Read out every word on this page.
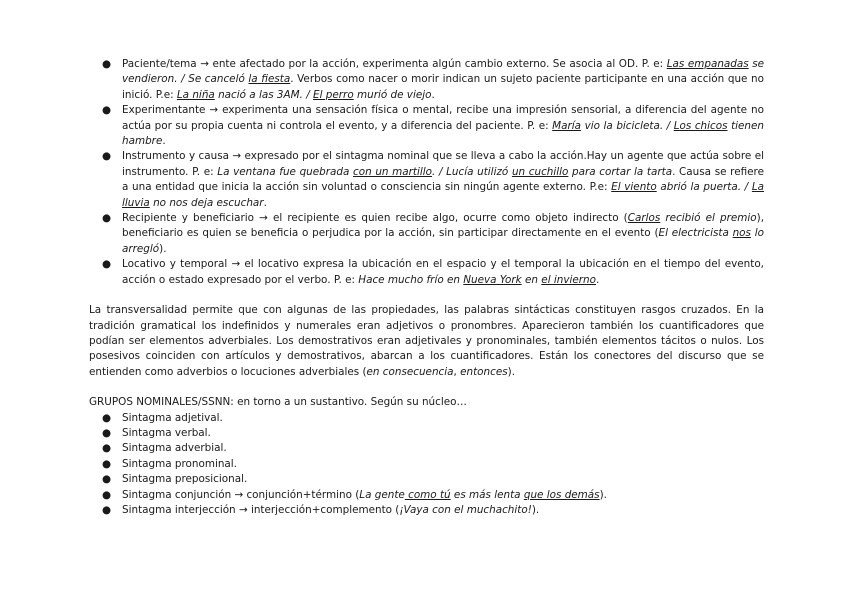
● Paciente/tema → ente afectado por la acción, experimenta algún cambio externo. Se asocia al OD. P. e: Las empanadas se vendieron. / Se canceló la fiesta. Verbos como nacer o morir indican un sujeto paciente participante en una acción que no inició. P.e: La niña nació a las 3AM. / El perro murió de viejo.
● Experimentante → experimenta una sensación física o mental, recibe una impresión sensorial, a diferencia del agente no actúa por su propia cuenta ni controla el evento, y a diferencia del paciente. P. e: María vio la bicicleta. / Los chicos tienen hambre.
● Instrumento y causa → expresado por el sintagma nominal que se lleva a cabo la acción.Hay un agente que actúa sobre el instrumento. P. e: La ventana fue quebrada con un martillo. / Lucía utilizó un cuchillo para cortar la tarta. Causa se refiere a una entidad que inicia la acción sin voluntad o consciencia sin ningún agente externo. P.e: El viento abrió la puerta. / La lluvia no nos deja escuchar.
● Recipiente y beneficiario → el recipiente es quien recibe algo, ocurre como objeto indirecto (Carlos recibió el premio), beneficiario es quien se beneficia o perjudica por la acción, sin participar directamente en el evento (El electricista nos lo arregló).
● Locativo y temporal → el locativo expresa la ubicación en el espacio y el temporal la ubicación en el tiempo del evento, acción o estado expresado por el verbo. P. e: Hace mucho frío en Nueva York en el invierno.

La transversalidad permite que con algunas de las propiedades, las palabras sintácticas constituyen rasgos cruzados. En la tradición gramatical los indefinidos y numerales eran adjetivos o pronombres. Aparecieron también los cuantificadores que podían ser elementos adverbiales. Los demostrativos eran adjetivales y pronominales, también elementos tácitos o nulos. Los posesivos coinciden con artículos y demostrativos, abarcan a los cuantificadores. Están los conectores del discurso que se entienden como adverbios o locuciones adverbiales (en consecuencia, entonces).

GRUPOS NOMINALES/SSNN: en torno a un sustantivo. Según su núcleo…

● Sintagma adjetival.
● Sintagma verbal.
● Sintagma adverbial.
● Sintagma pronominal.
● Sintagma preposicional.
● Sintagma conjunción → conjunción+término (La gente como tú es más lenta que los demás).
● Sintagma interjección → interjección+complemento (¡Vaya con el muchachito!).
